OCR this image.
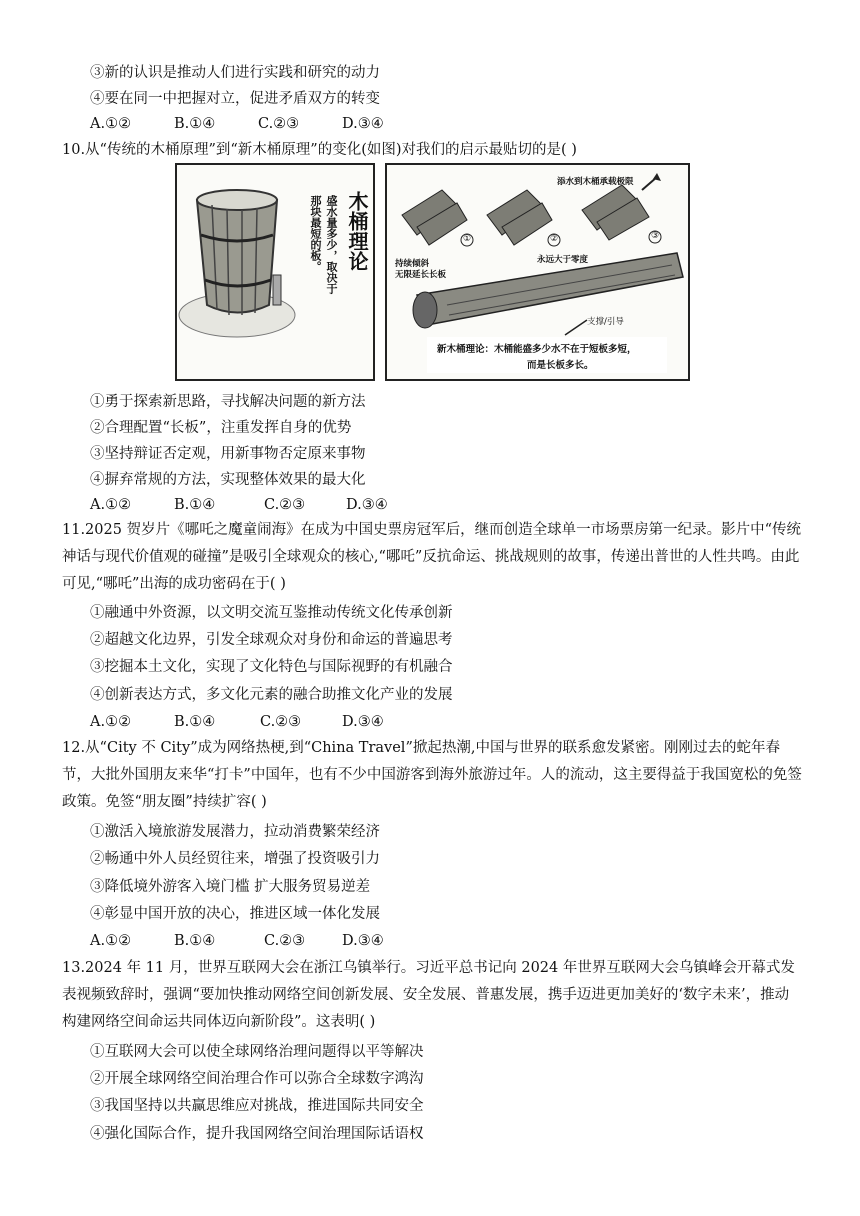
③新的认识是推动人们进行实践和研究的动力
④要在同一中把握对立，促进矛盾双方的转变
A.①②	B.①④	C.②③	D.③④
10.从“传统的木桶原理”到“新木桶原理”的变化(如图)对我们的启示最贴切的是( )
木桶理论
盛水量多少，取决于
那块最短的板。
添水到木桶承载极限
持续倾斜
无限延长长板
永远大于零度
①	②	③
支撑/引导
新木桶理论：木桶能盛多少水不在于短板多短，
而是长板多长。
①勇于探索新思路，寻找解决问题的新方法
②合理配置“长板”，注重发挥自身的优势
③坚持辩证否定观，用新事物否定原来事物
④摒弃常规的方法，实现整体效果的最大化
A.①②	B.①④	C.②③	D.③④
11.2025 贺岁片《哪吒之魔童闹海》在成为中国史票房冠军后，继而创造全球单一市场票房第一纪录。影片中“传统神话与现代价值观的碰撞”是吸引全球观众的核心,“哪吒”反抗命运、挑战规则的故事，传递出普世的人性共鸣。由此可见,“哪吒”出海的成功密码在于( )
①融通中外资源，以文明交流互鉴推动传统文化传承创新
②超越文化边界，引发全球观众对身份和命运的普遍思考
③挖掘本土文化，实现了文化特色与国际视野的有机融合
④创新表达方式，多文化元素的融合助推文化产业的发展
A.①②	B.①④	C.②③	D.③④
12.从“City 不 City”成为网络热梗,到“China Travel”掀起热潮,中国与世界的联系愈发紧密。刚刚过去的蛇年春节，大批外国朋友来华“打卡”中国年，也有不少中国游客到海外旅游过年。人的流动，这主要得益于我国宽松的免签政策。免签“朋友圈”持续扩容( )
①激活入境旅游发展潜力，拉动消费繁荣经济
②畅通中外人员经贸往来，增强了投资吸引力
③降低境外游客入境门槛 扩大服务贸易逆差
④彰显中国开放的决心，推进区域一体化发展
A.①②	B.①④	C.②③	D.③④
13.2024 年 11 月，世界互联网大会在浙江乌镇举行。习近平总书记向 2024 年世界互联网大会乌镇峰会开幕式发表视频致辞时，强调“要加快推动网络空间创新发展、安全发展、普惠发展，携手迈进更加美好的‘数字未来’，推动构建网络空间命运共同体迈向新阶段”。这表明( )
①互联网大会可以使全球网络治理问题得以平等解决
②开展全球网络空间治理合作可以弥合全球数字鸿沟
③我国坚持以共赢思维应对挑战，推进国际共同安全
④强化国际合作，提升我国网络空间治理国际话语权
